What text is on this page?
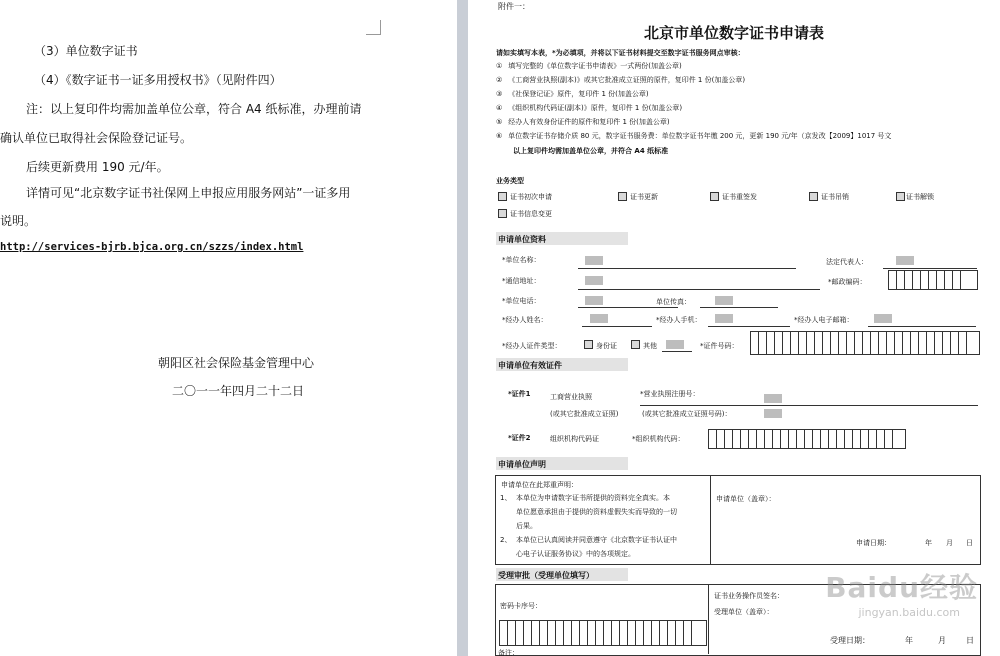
（3）单位数字证书
（4）《数字证书一证多用授权书》（见附件四）
注：以上复印件均需加盖单位公章，符合 A4 纸标准，办理前请
确认单位已取得社会保险登记证号。
后续更新费用 190 元/年。
详情可见“北京数字证书社保网上申报应用服务网站”一证多用
说明。
http://services-bjrb.bjca.org.cn/szzs/index.html
朝阳区社会保险基金管理中心
二〇一一年四月二十二日
附件一：
北京市单位数字证书申请表
请如实填写本表，*为必填项，并将以下证书材料提交至数字证书服务网点审核：
① 填写完整的《单位数字证书申请表》一式两份(加盖公章)
② 《工商营业执照(副本)》或其它批准成立证照的原件，复印件 1 份(加盖公章)
③ 《社保登记证》原件，复印件 1 份(加盖公章)
④ 《组织机构代码证(副本)》原件，复印件 1 份(加盖公章)
⑤ 经办人有效身份证件的原件和复印件 1 份(加盖公章)
⑥ 单位数字证书存储介质 80 元，数字证书服务费：单位数字证书年缴 200 元，更新 190 元/年（京发改【2009】1017 号文
以上复印件均需加盖单位公章，并符合 A4 纸标准
业务类型
证书初次申请	证书更新	证书重签发	证书吊销	证书解锁
证书信息变更
申请单位资料
*单位名称：	法定代表人：
*通信地址：	*邮政编码：
*单位电话：	单位传真：
*经办人姓名：	*经办人手机：	*经办人电子邮箱：
*经办人证件类型：	身份证	其他	*证件号码：
申请单位有效证件
*证件1	工商营业执照	*营业执照注册号：
(或其它批准成立证照)	(或其它批准成立证照号码)：
*证件2	组织机构代码证	*组织机构代码：
申请单位声明
申请单位在此郑重声明：
1、 本单位为申请数字证书所提供的资料完全真实。本
单位愿意承担由于提供的资料虚假失实而导致的一切
后果。
2、 本单位已认真阅读并同意遵守《北京数字证书认证中
心电子认证服务协议》中的各项规定。
申请单位（盖章）：
申请日期：	年 月 日
受理审批（受理单位填写）
密码卡序号：
证书业务操作员签名：
受理单位（盖章）：
受理日期：	年	月	日
备注：
Baidu经验
jingyan.baidu.com
